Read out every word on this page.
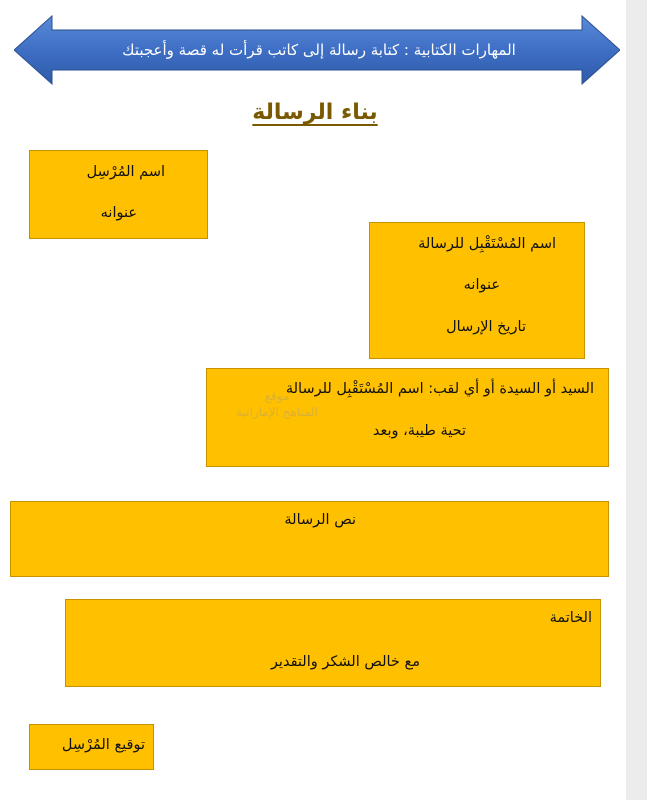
المهارات الكتابية : كتابة رسالة إلى كاتب قرأت له قصة وأعجبتك
بناء الرسالة
اسم المُرْسِل
عنوانه
اسم المُسْتَقْبِل للرسالة
عنوانه
تاريخ الإرسال
السيد أو السيدة أو أي لقب: اسم المُسْتَقْبِل للرسالة
تحية طيبة، وبعد
موقع
المناهج الإماراتية
نص الرسالة
الخاتمة
مع خالص الشكر والتقدير
توقيع المُرْسِل
